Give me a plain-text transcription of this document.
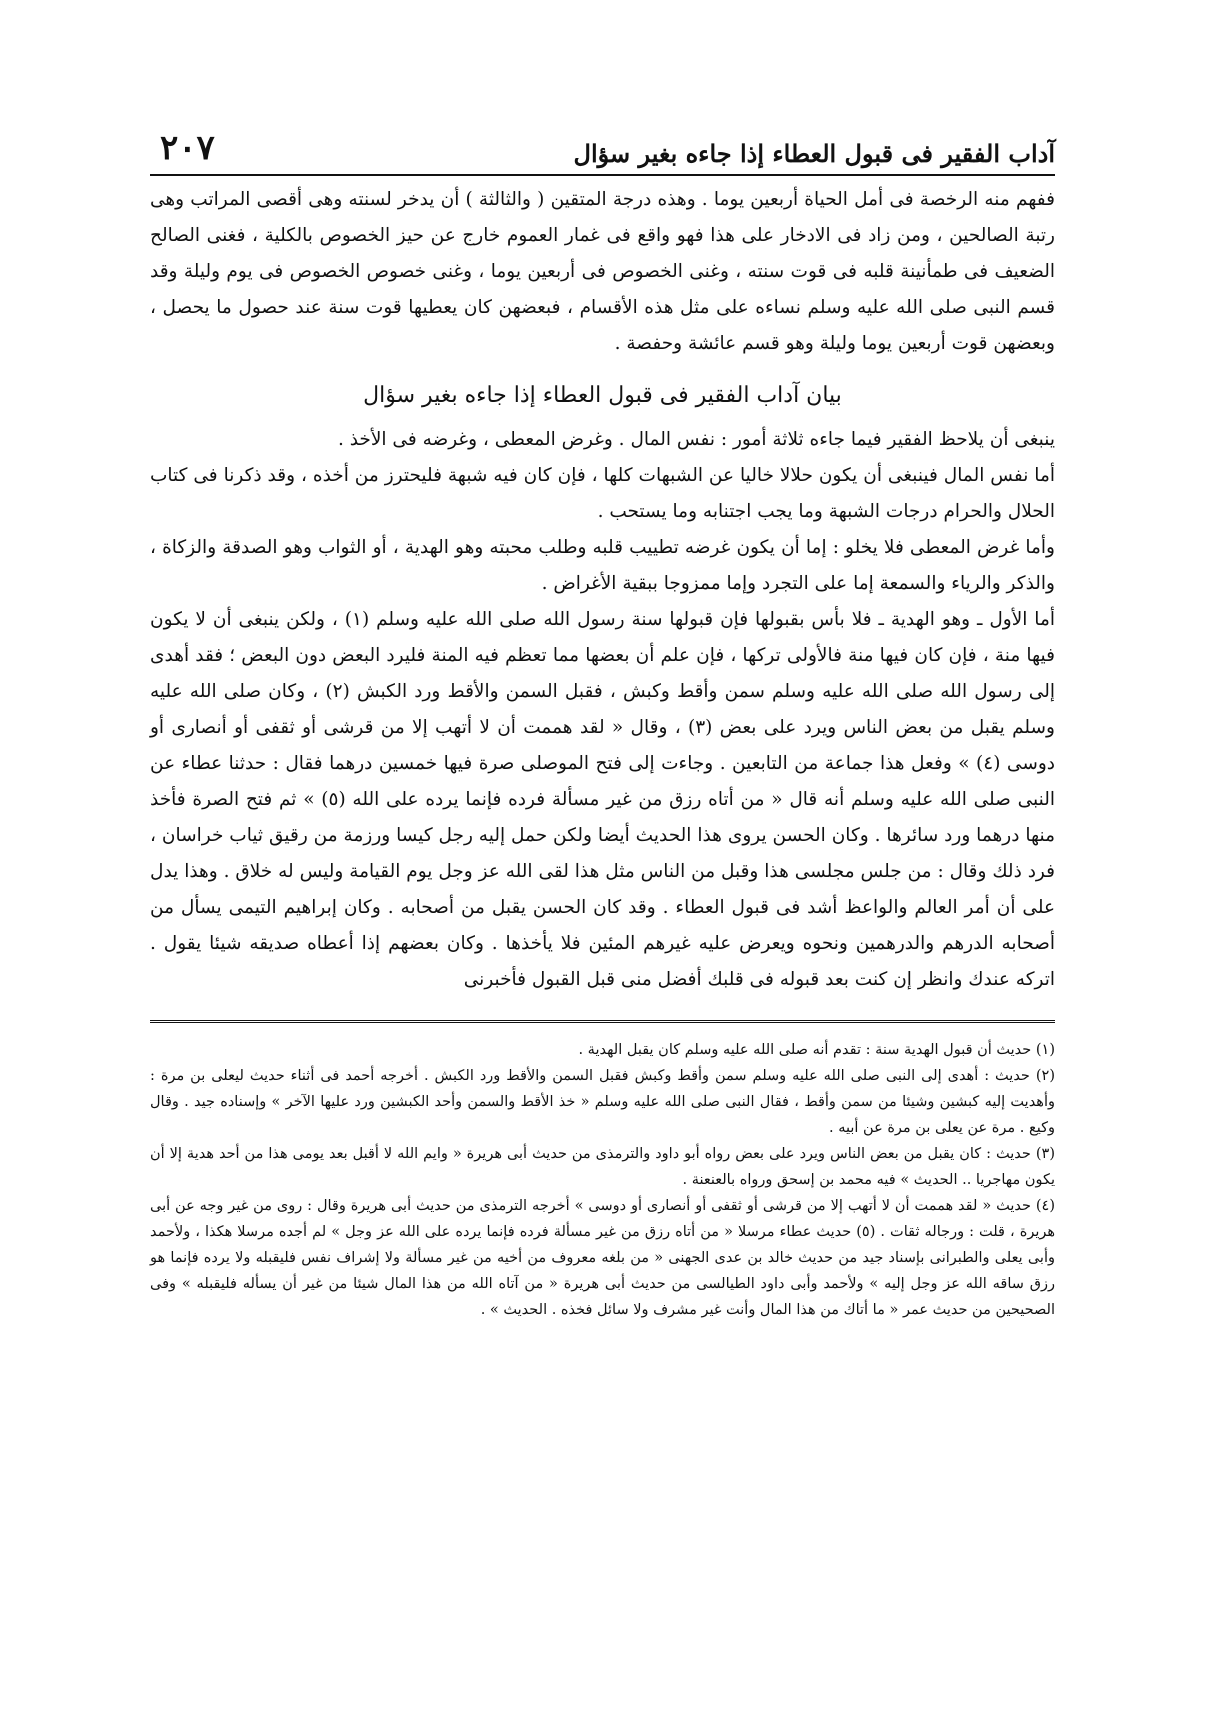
آداب الفقير فى قبول العطاء إذا جاءه بغير سؤال
٢٠٧

ففهم منه الرخصة فى أمل الحياة أربعين يوما . وهذه درجة المتقين ( والثالثة ) أن يدخر لسنته وهى أقصى المراتب وهى رتبة الصالحين ، ومن زاد فى الادخار على هذا فهو واقع فى غمار العموم خارج عن حيز الخصوص بالكلية ، فغنى الصالح الضعيف فى طمأنينة قلبه فى قوت سنته ، وغنى الخصوص فى أربعين يوما ، وغنى خصوص الخصوص فى يوم وليلة وقد قسم النبى صلى الله عليه وسلم نساءه على مثل هذه الأقسام ، فبعضهن كان يعطيها قوت سنة عند حصول ما يحصل ، وبعضهن قوت أربعين يوما وليلة وهو قسم عائشة وحفصة .

بيان آداب الفقير فى قبول العطاء إذا جاءه بغير سؤال

ينبغى أن يلاحظ الفقير فيما جاءه ثلاثة أمور : نفس المال . وغرض المعطى ، وغرضه فى الأخذ .

أما نفس المال فينبغى أن يكون حلالا خاليا عن الشبهات كلها ، فإن كان فيه شبهة فليحترز من أخذه ، وقد ذكرنا فى كتاب الحلال والحرام درجات الشبهة وما يجب اجتنابه وما يستحب .

وأما غرض المعطى فلا يخلو : إما أن يكون غرضه تطييب قلبه وطلب محبته وهو الهدية ، أو الثواب وهو الصدقة والزكاة ، والذكر والرياء والسمعة إما على التجرد وإما ممزوجا ببقية الأغراض .

أما الأول ـ وهو الهدية ـ فلا بأس بقبولها فإن قبولها سنة رسول الله صلى الله عليه وسلم (١) ، ولكن ينبغى أن لا يكون فيها منة ، فإن كان فيها منة فالأولى تركها ، فإن علم أن بعضها مما تعظم فيه المنة فليرد البعض دون البعض ؛ فقد أهدى إلى رسول الله صلى الله عليه وسلم سمن وأقط وكبش ، فقبل السمن والأقط ورد الكبش (٢) ، وكان صلى الله عليه وسلم يقبل من بعض الناس ويرد على بعض (٣) ، وقال « لقد هممت أن لا أتهب إلا من قرشى أو ثقفى أو أنصارى أو دوسى (٤) » وفعل هذا جماعة من التابعين . وجاءت إلى فتح الموصلى صرة فيها خمسين درهما فقال : حدثنا عطاء عن النبى صلى الله عليه وسلم أنه قال « من أتاه رزق من غير مسألة فرده فإنما يرده على الله (٥) » ثم فتح الصرة فأخذ منها درهما ورد سائرها . وكان الحسن يروى هذا الحديث أيضا ولكن حمل إليه رجل كيسا ورزمة من رقيق ثياب خراسان ، فرد ذلك وقال : من جلس مجلسى هذا وقبل من الناس مثل هذا لقى الله عز وجل يوم القيامة وليس له خلاق . وهذا يدل على أن أمر العالم والواعظ أشد فى قبول العطاء . وقد كان الحسن يقبل من أصحابه . وكان إبراهيم التيمى يسأل من أصحابه الدرهم والدرهمين ونحوه ويعرض عليه غيرهم المئين فلا يأخذها . وكان بعضهم إذا أعطاه صديقه شيئا يقول . اتركه عندك وانظر إن كنت بعد قبوله فى قلبك أفضل منى قبل القبول فأخبرنى

(١) حديث أن قبول الهدية سنة : تقدم أنه صلى الله عليه وسلم كان يقبل الهدية .

(٢) حديث : أهدى إلى النبى صلى الله عليه وسلم سمن وأقط وكبش فقبل السمن والأقط ورد الكبش . أخرجه أحمد فى أثناء حديث ليعلى بن مرة : وأهديت إليه كبشين وشيئا من سمن وأقط ، فقال النبى صلى الله عليه وسلم « خذ الأقط والسمن وأحد الكبشين ورد عليها الآخر » وإسناده جيد . وقال وكيع . مرة عن يعلى بن مرة عن أبيه .

(٣) حديث : كان يقبل من بعض الناس ويرد على بعض رواه أبو داود والترمذى من حديث أبى هريرة « وايم الله لا أقبل بعد يومى هذا من أحد هدية إلا أن يكون مهاجريا .. الحديث » فيه محمد بن إسحق ورواه بالعنعنة .

(٤) حديث « لقد هممت أن لا أتهب إلا من قرشى أو ثقفى أو أنصارى أو دوسى » أخرجه الترمذى من حديث أبى هريرة وقال : روى من غير وجه عن أبى هريرة ، قلت : ورجاله ثقات . (٥) حديث عطاء مرسلا « من أتاه رزق من غير مسألة فرده فإنما يرده على الله عز وجل » لم أجده مرسلا هكذا ، ولأحمد وأبى يعلى والطبرانى بإسناد جيد من حديث خالد بن عدى الجهنى « من بلغه معروف من أخيه من غير مسألة ولا إشراف نفس فليقبله ولا يرده فإنما هو رزق ساقه الله عز وجل إليه » ولأحمد وأبى داود الطيالسى من حديث أبى هريرة « من آتاه الله من هذا المال شيئا من غير أن يسأله فليقبله » وفى الصحيحين من حديث عمر « ما أتاك من هذا المال وأنت غير مشرف ولا سائل فخذه . الحديث » .
